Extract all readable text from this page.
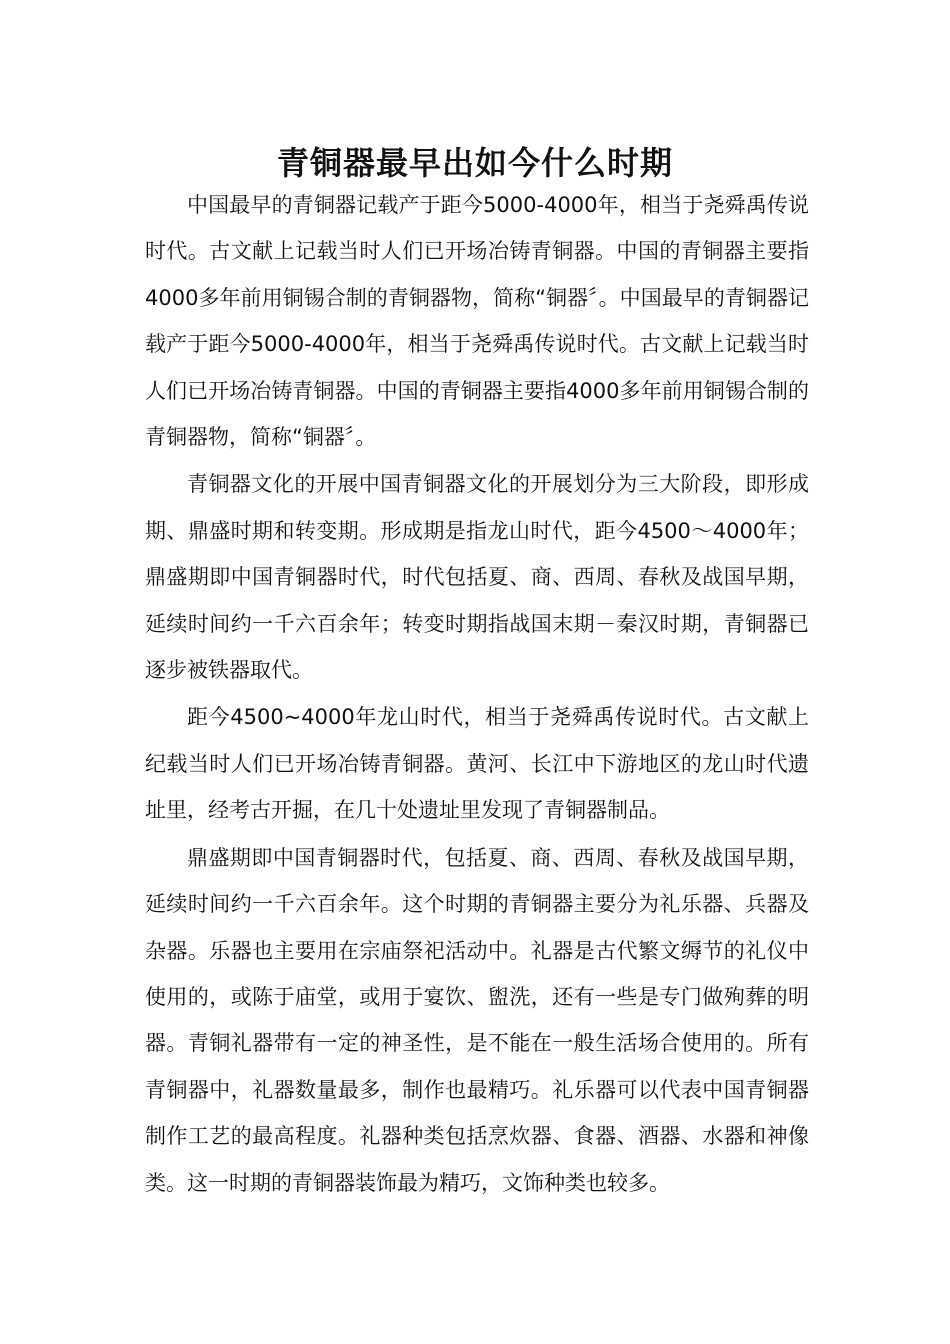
青铜器最早出如今什么时期

中国最早的青铜器记载产于距今5000-4000年，相当于尧舜禹传说时代。古文献上记载当时人们已开场冶铸青铜器。中国的青铜器主要指4000多年前用铜锡合制的青铜器物，简称“铜器〞。中国最早的青铜器记载产于距今5000-4000年，相当于尧舜禹传说时代。古文献上记载当时人们已开场冶铸青铜器。中国的青铜器主要指4000多年前用铜锡合制的青铜器物，简称“铜器〞。

青铜器文化的开展中国青铜器文化的开展划分为三大阶段，即形成期、鼎盛时期和转变期。形成期是指龙山时代，距今4500～4000年；鼎盛期即中国青铜器时代，时代包括夏、商、西周、春秋及战国早期，延续时间约一千六百余年；转变时期指战国末期－秦汉时期，青铜器已逐步被铁器取代。

距今4500~4000年龙山时代，相当于尧舜禹传说时代。古文献上纪载当时人们已开场冶铸青铜器。黄河、长江中下游地区的龙山时代遗址里，经考古开掘，在几十处遗址里发现了青铜器制品。

鼎盛期即中国青铜器时代，包括夏、商、西周、春秋及战国早期，延续时间约一千六百余年。这个时期的青铜器主要分为礼乐器、兵器及杂器。乐器也主要用在宗庙祭祀活动中。礼器是古代繁文缛节的礼仪中使用的，或陈于庙堂，或用于宴饮、盥洗，还有一些是专门做殉葬的明器。青铜礼器带有一定的神圣性，是不能在一般生活场合使用的。所有青铜器中，礼器数量最多，制作也最精巧。礼乐器可以代表中国青铜器制作工艺的最高程度。礼器种类包括烹炊器、食器、酒器、水器和神像类。这一时期的青铜器装饰最为精巧，文饰种类也较多。
